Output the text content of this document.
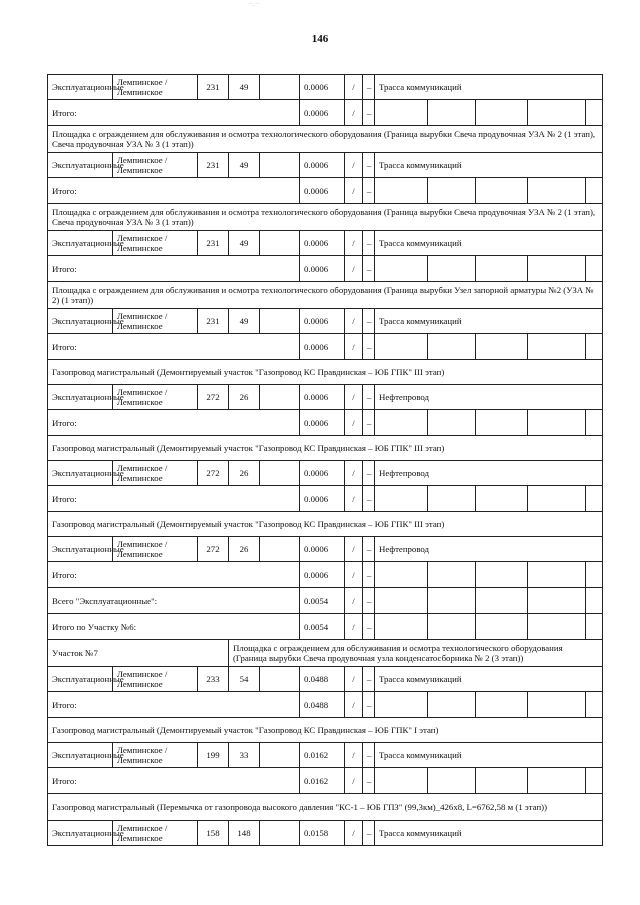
146
Эксплуатационные	Лемпинское / Лемпинское	231	49		0.0006	/	–	Трасса коммуникаций				
Итого:					0.0006	/	–					
Площадка с ограждением для обслуживания и осмотра технологического оборудования (Граница вырубки Свеча продувочная УЗА № 2 (1 этап), Свеча продувочная УЗА № 3 (1 этап))												
Эксплуатационные	Лемпинское / Лемпинское	231	49		0.0006	/	–	Трасса коммуникаций				
Итого:					0.0006	/	–					
Площадка с ограждением для обслуживания и осмотра технологического оборудования (Граница вырубки Свеча продувочная УЗА № 2 (1 этап), Свеча продувочная УЗА № 3 (1 этап))												
Эксплуатационные	Лемпинское / Лемпинское	231	49		0.0006	/	–	Трасса коммуникаций				
Итого:					0.0006	/	–					
Площадка с ограждением для обслуживания и осмотра технологического оборудования (Граница вырубки Узел запорной арматуры №2 (УЗА № 2) (1 этап))												
Эксплуатационные	Лемпинское / Лемпинское	231	49		0.0006	/	–	Трасса коммуникаций				
Итого:					0.0006	/	–					
Газопровод магистральный (Демонтируемый участок "Газопровод КС Правдинская – ЮБ ГПК" III этап)												
Эксплуатационные	Лемпинское / Лемпинское	272	26		0.0006	/	–	Нефтепровод				
Итого:					0.0006	/	–					
Газопровод магистральный (Демонтируемый участок "Газопровод КС Правдинская – ЮБ ГПК" III этап)												
Эксплуатационные	Лемпинское / Лемпинское	272	26		0.0006	/	–	Нефтепровод				
Итого:					0.0006	/	–					
Газопровод магистральный (Демонтируемый участок "Газопровод КС Правдинская – ЮБ ГПК" III этап)												
Эксплуатационные	Лемпинское / Лемпинское	272	26		0.0006	/	–	Нефтепровод				
Итого:					0.0006	/	–					
Всего "Эксплуатационные":					0.0054	/	–					
Итого по Участку №6:					0.0054	/	–					
Участок №7			Площадка с ограждением для обслуживания и осмотра технологического оборудования (Граница вырубки Свеча продувочная узла конденсатосборника № 2 (3 этап))									
Эксплуатационные	Лемпинское / Лемпинское	233	54		0.0488	/	–	Трасса коммуникаций				
Итого:					0.0488	/	–					
Газопровод магистральный (Демонтируемый участок "Газопровод КС Правдинская – ЮБ ГПК" I этап)												
Эксплуатационные	Лемпинское / Лемпинское	199	33		0.0162	/	–	Трасса коммуникаций				
Итого:					0.0162	/	–					
Газопровод магистральный (Перемычка от газопровода высокого давления "КС-1 – ЮБ ГПЗ" (99,3км)_426х8, L=6762,58 м (1 этап))												
Эксплуатационные	Лемпинское / Лемпинское	158	148		0.0158	/	–	Трасса коммуникаций				
˙˙·˙˙
